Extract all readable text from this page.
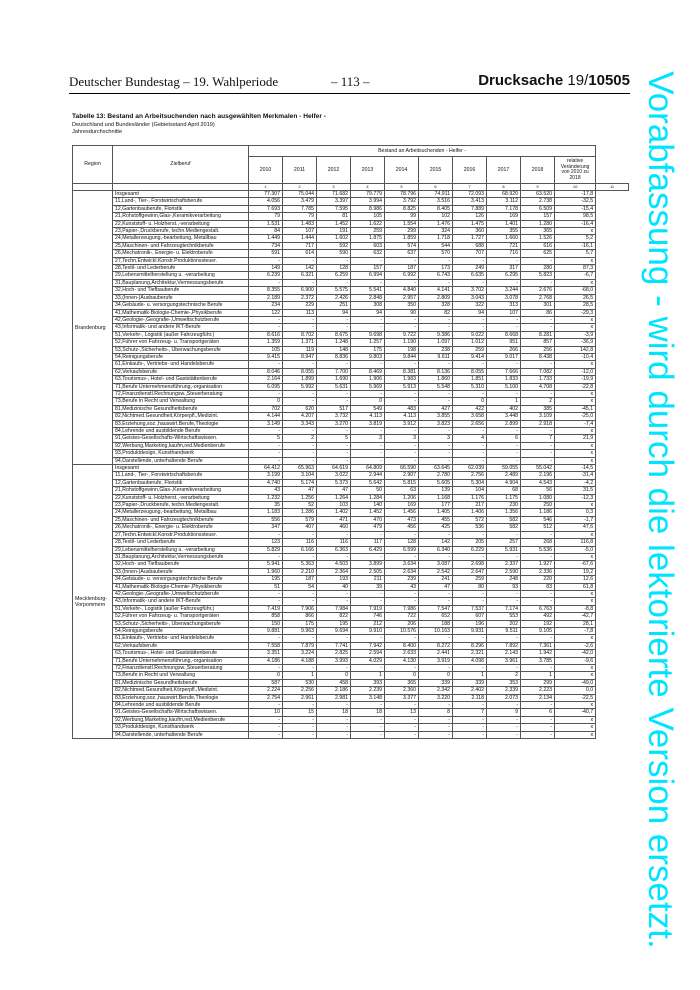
Deutscher Bundestag – 19. Wahlperiode	– 113 –	Drucksache 19/10505
Tabelle 13: Bestand an Arbeitsuchenden nach ausgewählten Merkmalen - Helfer -
Deutschland und Bundesländer (Gebietsstand April 2019)
Jahresdurchschnitte	Vorabfassung - wird durch die lektorierte Version ersetzt.
Region	Zielberuf	Bestand an Arbeitsuchenden - Helfer -										
		2010	2011	2012	2013	2014	2015	2016	2017	2018	relative Veränderung von 2010 zu 2018	
		1	2	3	4	5	6	7	8	9	10	11
Brandenburg	Insgesamt	77.307	75.044	71.682	79.779	78.796	74.911	72.093	68.920	63.520	-17,8	
	11,Land-, Tier-, Forstwirtschaftsberufe	4.056	3.479	3.397	3.994	3.792	3.516	3.413	3.112	2.738	-32,5	
	12,Gartenbauberufe, Floristik	7.693	7.785	7.595	8.986	8.825	8.405	7.889	7.178	6.509	-15,4	
	21,Rohstoffgewinn,Glas-,Keramikverarbeitung	79	79	81	105	99	102	126	169	157	98,5	
	22,Kunststoff- u. Holzherst.,-verarbeitung	1.531	1.483	1.452	1.622	1.554	1.476	1.475	1.401	1.280	-16,4	
	23,Papier-,Druckberufe, techn.Mediengestalt.	84	107	191	259	299	324	360	355	365	x	
	24,Metallerzeugung,-bearbeitung, Metallbau	1.449	1.444	1.602	1.875	1.859	1.718	1.727	1.660	1.526	5,2	
	25,Maschinen- und Fahrzeugtechnikberufe	734	717	592	603	574	544	688	721	616	-16,1	
	26,Mechatronik-, Energie- u. Elektroberufe	591	614	590	632	637	570	707	716	625	5,7	
	27,Techn.Entwickl.Konstr.Produktionssteuer.	-	-	-	-	-	-	-	-	-	x	
	28,Textil- und Lederberufe	149	142	128	157	187	173	249	317	280	87,3	
	29,Lebensmittelherstellung u. -verarbeitung	6.239	6.321	6.259	6.994	6.992	6.743	6.635	6.295	5.823	-6,7	
	31,Bauplanung,Architektur,Vermessungsberufe	-	-	-	-	-	-	-	-	-	x	
	32,Hoch- und Tiefbauberufe	8.355	6.900	5.575	5.541	4.840	4.141	3.702	3.244	2.676	-68,0	
	33,(Innen-)Ausbauberufe	2.189	2.372	2.426	2.848	2.957	2.809	3.043	3.078	2.768	26,5	
	34,Gebäude- u. versorgungstechnische Berufe	234	229	251	308	350	328	322	313	301	28,5	
	41,Mathematik-Biologie-Chemie-,Physikberufe	122	113	94	94	90	82	94	107	86	-29,3	
	42,Geologie-,Geografie-,Umweltschutzberufe	-	-	-	-	-	-	-	-	-	x	
	43,Informatik- und andere IKT-Berufe	-	-	-	-	-	-	-	-	-	x	
	51,Verkehr-, Logistik (außer Fahrzeugführ.)	8.616	8.702	8.675	9.698	9.722	9.386	9.022	8.668	8.281	-3,9	
	52,Führer von Fahrzeug- u. Transportgeräten	1.359	1.371	1.248	1.257	1.190	1.097	1.012	951	857	-36,9	
	53,Schutz-,Sicherheits-, Überwachungsberufe	105	119	148	175	198	238	259	266	256	142,8	
	54,Reinigungsberufe	9.415	8.947	8.836	9.803	9.844	9.611	9.414	9.017	8.438	-10,4	
	61,Einkaufs-, Vertriebs- und Handelsberufe	-	-	-	-	-	-	-	-	-	x	
	62,Verkaufsberufe	8.046	8.055	7.700	8.469	8.381	8.136	8.055	7.666	7.082	-12,0	
	63,Tourismus-, Hotel- und Gaststättenberufe	2.164	1.899	1.690	1.906	1.983	1.860	1.851	1.833	1.733	-19,9	
	71,Berufe Unternehmensführung,-organisation	6.095	5.992	5.631	5.969	5.913	5.548	5.310	5.100	4.708	-22,8	
	72,Finanzdienstl.Rechnungsw.,Steuerberatung	-	-	-	-	-	-	-	-	-	x	
	73,Berufe in Recht und Verwaltung	0	-	-	0	-	-	0	1	2	x	
	81,Medizinische Gesundheitsberufe	702	620	517	549	483	427	422	402	385	-45,1	
	82,Nichtmed.Gesundheit,Körperpfl.,Medizint.	4.144	4.207	3.732	4.113	4.113	3.855	3.658	3.448	3.109	-25,0	
	83,Erziehung,soz.,hauswirt.Berufe,Theologie	3.149	3.343	3.270	3.819	3.912	3.823	2.656	2.899	2.918	-7,4	
	84,Lehrende und ausbildende Berufe	-	-	-	-	-	-	-	-	-	x	
	91,Geistes-Gesellschafts-Wirtschaftswissen.	5	2	5	3	3	3	4	6	7	21,9	
	92,Werbung,Marketing,kaufm,red.Medienberufe	-	-	-	-	-	-	-	-	-	x	
	93,Produktdesign, Kunsthandwerk	-	-	-	-	-	-	-	-	-	x	
	94,Darstellende, unterhaltende Berufe	-	-	-	-	-	-	-	-	-	x	
Mecklenburg-Vorpommern	Insgesamt	64.412	65.963	64.619	64.809	66.590	63.645	62.039	59.055	55.042	-14,5	
	11,Land-, Tier-, Forstwirtschaftsberufe	3.199	3.104	3.022	2.944	2.907	2.780	2.756	2.489	2.196	-31,4	
	12,Gartenbauberufe, Floristik	4.740	5.174	5.373	5.642	5.815	5.605	5.304	4.904	4.543	-4,2	
	21,Rohstoffgewinn,Glas-,Keramikverarbeitung	43	47	47	50	63	139	104	68	56	31,5	
	22,Kunststoff- u. Holzherst.,-verarbeitung	1.232	1.256	1.264	1.284	1.206	1.168	1.176	1.175	1.080	-12,3	
	23,Papier-,Druckberufe, techn.Mediengestalt.	35	52	103	140	169	177	217	230	250	x	
	24,Metallerzeugung,-bearbeitung, Metallbau	1.183	1.286	1.402	1.452	1.456	1.405	1.406	1.356	1.186	0,3	
	25,Maschinen- und Fahrzeugtechnikberufe	556	579	471	470	473	455	572	582	546	-1,7	
	26,Mechatronik-, Energie- u. Elektroberufe	347	407	460	479	456	425	536	582	512	47,6	
	27,Techn.Entwickl.Konstr.Produktionssteuer.	-	-	-	-	-	-	-	-	-	x	
	28,Textil- und Lederberufe	123	116	116	117	128	142	205	257	268	116,8	
	29,Lebensmittelherstellung u. -verarbeitung	5.829	6.166	6.363	6.429	6.599	6.340	6.229	5.931	5.536	-5,0	
	31,Bauplanung,Architektur,Vermessungsberufe	-	-	-	-	-	-	-	-	-	x	
	32,Hoch- und Tiefbauberufe	5.941	5.363	4.503	3.899	3.634	3.087	2.698	2.337	1.927	-67,6	
	33,(Innen-)Ausbauberufe	1.960	2.210	2.364	2.505	2.634	2.542	2.647	2.590	2.336	19,2	
	34,Gebäude- u. versorgungstechnische Berufe	195	187	193	211	239	241	259	248	220	12,6	
	41,Mathematik-Biologie-Chemie-,Physikberufe	51	54	40	39	43	47	80	93	83	61,8	
	42,Geologie-,Geografie-,Umweltschutzberufe	-	-	-	-	-	-	-	-	-	x	
	43,Informatik- und andere IKT-Berufe	-	-	-	-	-	-	-	-	-	x	
	51,Verkehr-, Logistik (außer Fahrzeugführ.)	7.419	7.906	7.984	7.919	7.986	7.547	7.537	7.174	6.763	-8,8	
	52,Führer von Fahrzeug- u. Transportgeräten	858	866	822	746	722	652	607	553	492	-42,7	
	53,Schutz-,Sicherheits-, Überwachungsberufe	150	175	195	212	206	188	196	202	192	28,1	
	54,Reinigungsberufe	9.881	9.963	9.694	9.910	10.576	10.163	9.931	9.511	9.105	-7,8	
	61,Einkaufs-, Vertriebs- und Handelsberufe	-	-	-	-	-	-	-	-	-	x	
	62,Verkaufsberufe	7.558	7.879	7.741	7.942	8.400	8.272	8.296	7.892	7.361	-2,6	
	63,Tourismus-, Hotel- und Gaststättenberufe	3.351	3.224	2.825	2.594	2.633	2.441	2.321	2.143	1.942	-42,0	
	71,Berufe Unternehmensführung,-organisation	4.186	4.188	3.993	4.029	4.130	3.919	4.098	3.961	3.785	-9,6	
	72,Finanzdienstl.Rechnungsw.,Steuerberatung	-	-	-	-	-	-	-	-	-	x	
	73,Berufe in Recht und Verwaltung	0	1	0	1	0	0	1	2	1	x	
	81,Medizinische Gesundheitsberufe	587	530	458	393	365	339	339	353	299	-49,0	
	82,Nichtmed.Gesundheit,Körperpfl.,Medizint.	2.224	2.256	2.186	2.239	2.360	2.342	2.402	2.339	2.223	0,0	
	83,Erziehung,soz.,hauswirt.Berufe,Theologie	2.754	2.961	2.981	3.148	3.377	3.220	2.118	2.073	2.134	-22,5	
	84,Lehrende und ausbildende Berufe	-	-	-	-	-	-	-	-	-	x	
	91,Geistes-Gesellschafts-Wirtschaftswissen.	10	15	18	18	13	8	7	9	6	-40,7	
	92,Werbung,Marketing,kaufm,red.Medienberufe	-	-	-	-	-	-	-	-	-	x	
	93,Produktdesign, Kunsthandwerk	-	-	-	-	-	-	-	-	-	x	
	94,Darstellende, unterhaltende Berufe	-	-	-	-	-	-	-	-	-	x	
